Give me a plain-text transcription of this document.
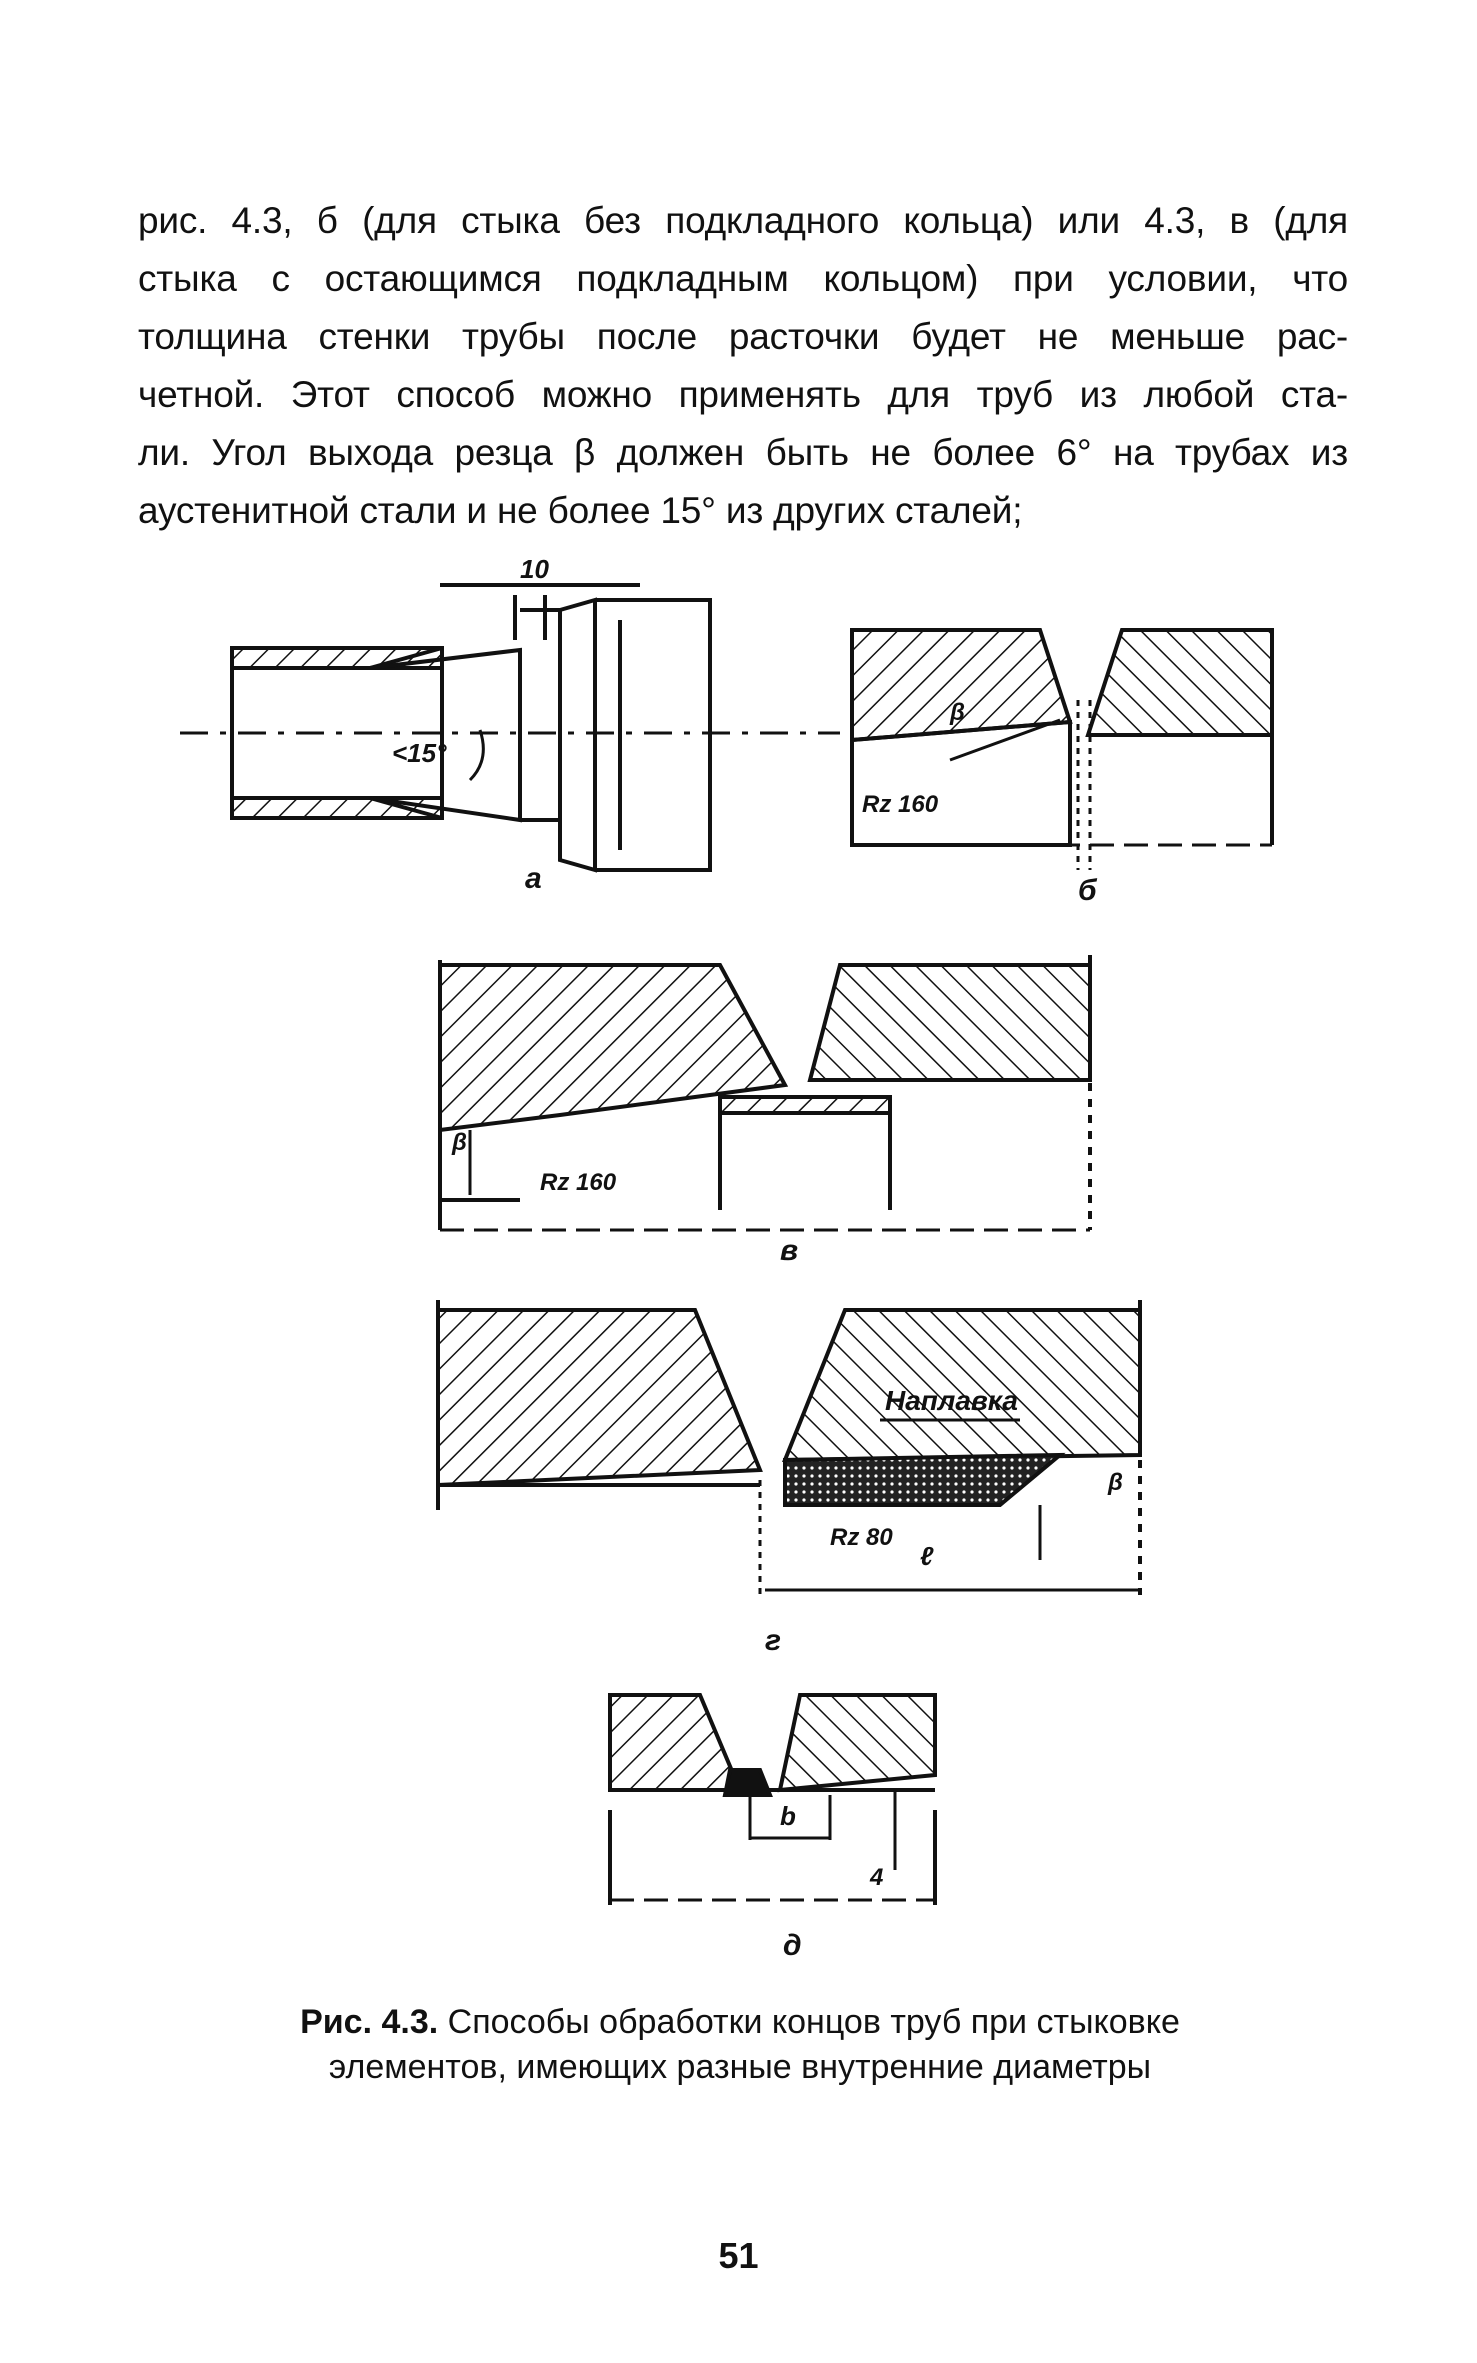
рис. 4.3, б (для стыка без подкладного кольца) или 4.3, в (для
стыка с остающимся подкладным кольцом) при условии, что
толщина стенки трубы после расточки будет не меньше рас-
четной. Этот способ можно применять для труб из любой ста-
ли. Угол выхода резца β должен быть не более 6° на трубах из
аустенитной стали и не более 15° из других сталей;
10
<15°
а
β
Rz 160
б
β
Rz 160
в
Наплавка
β
Rz 80
ℓ
г
b
4
д
Рис. 4.3. Способы обработки концов труб при стыковке
элементов, имеющих разные внутренние диаметры
51
